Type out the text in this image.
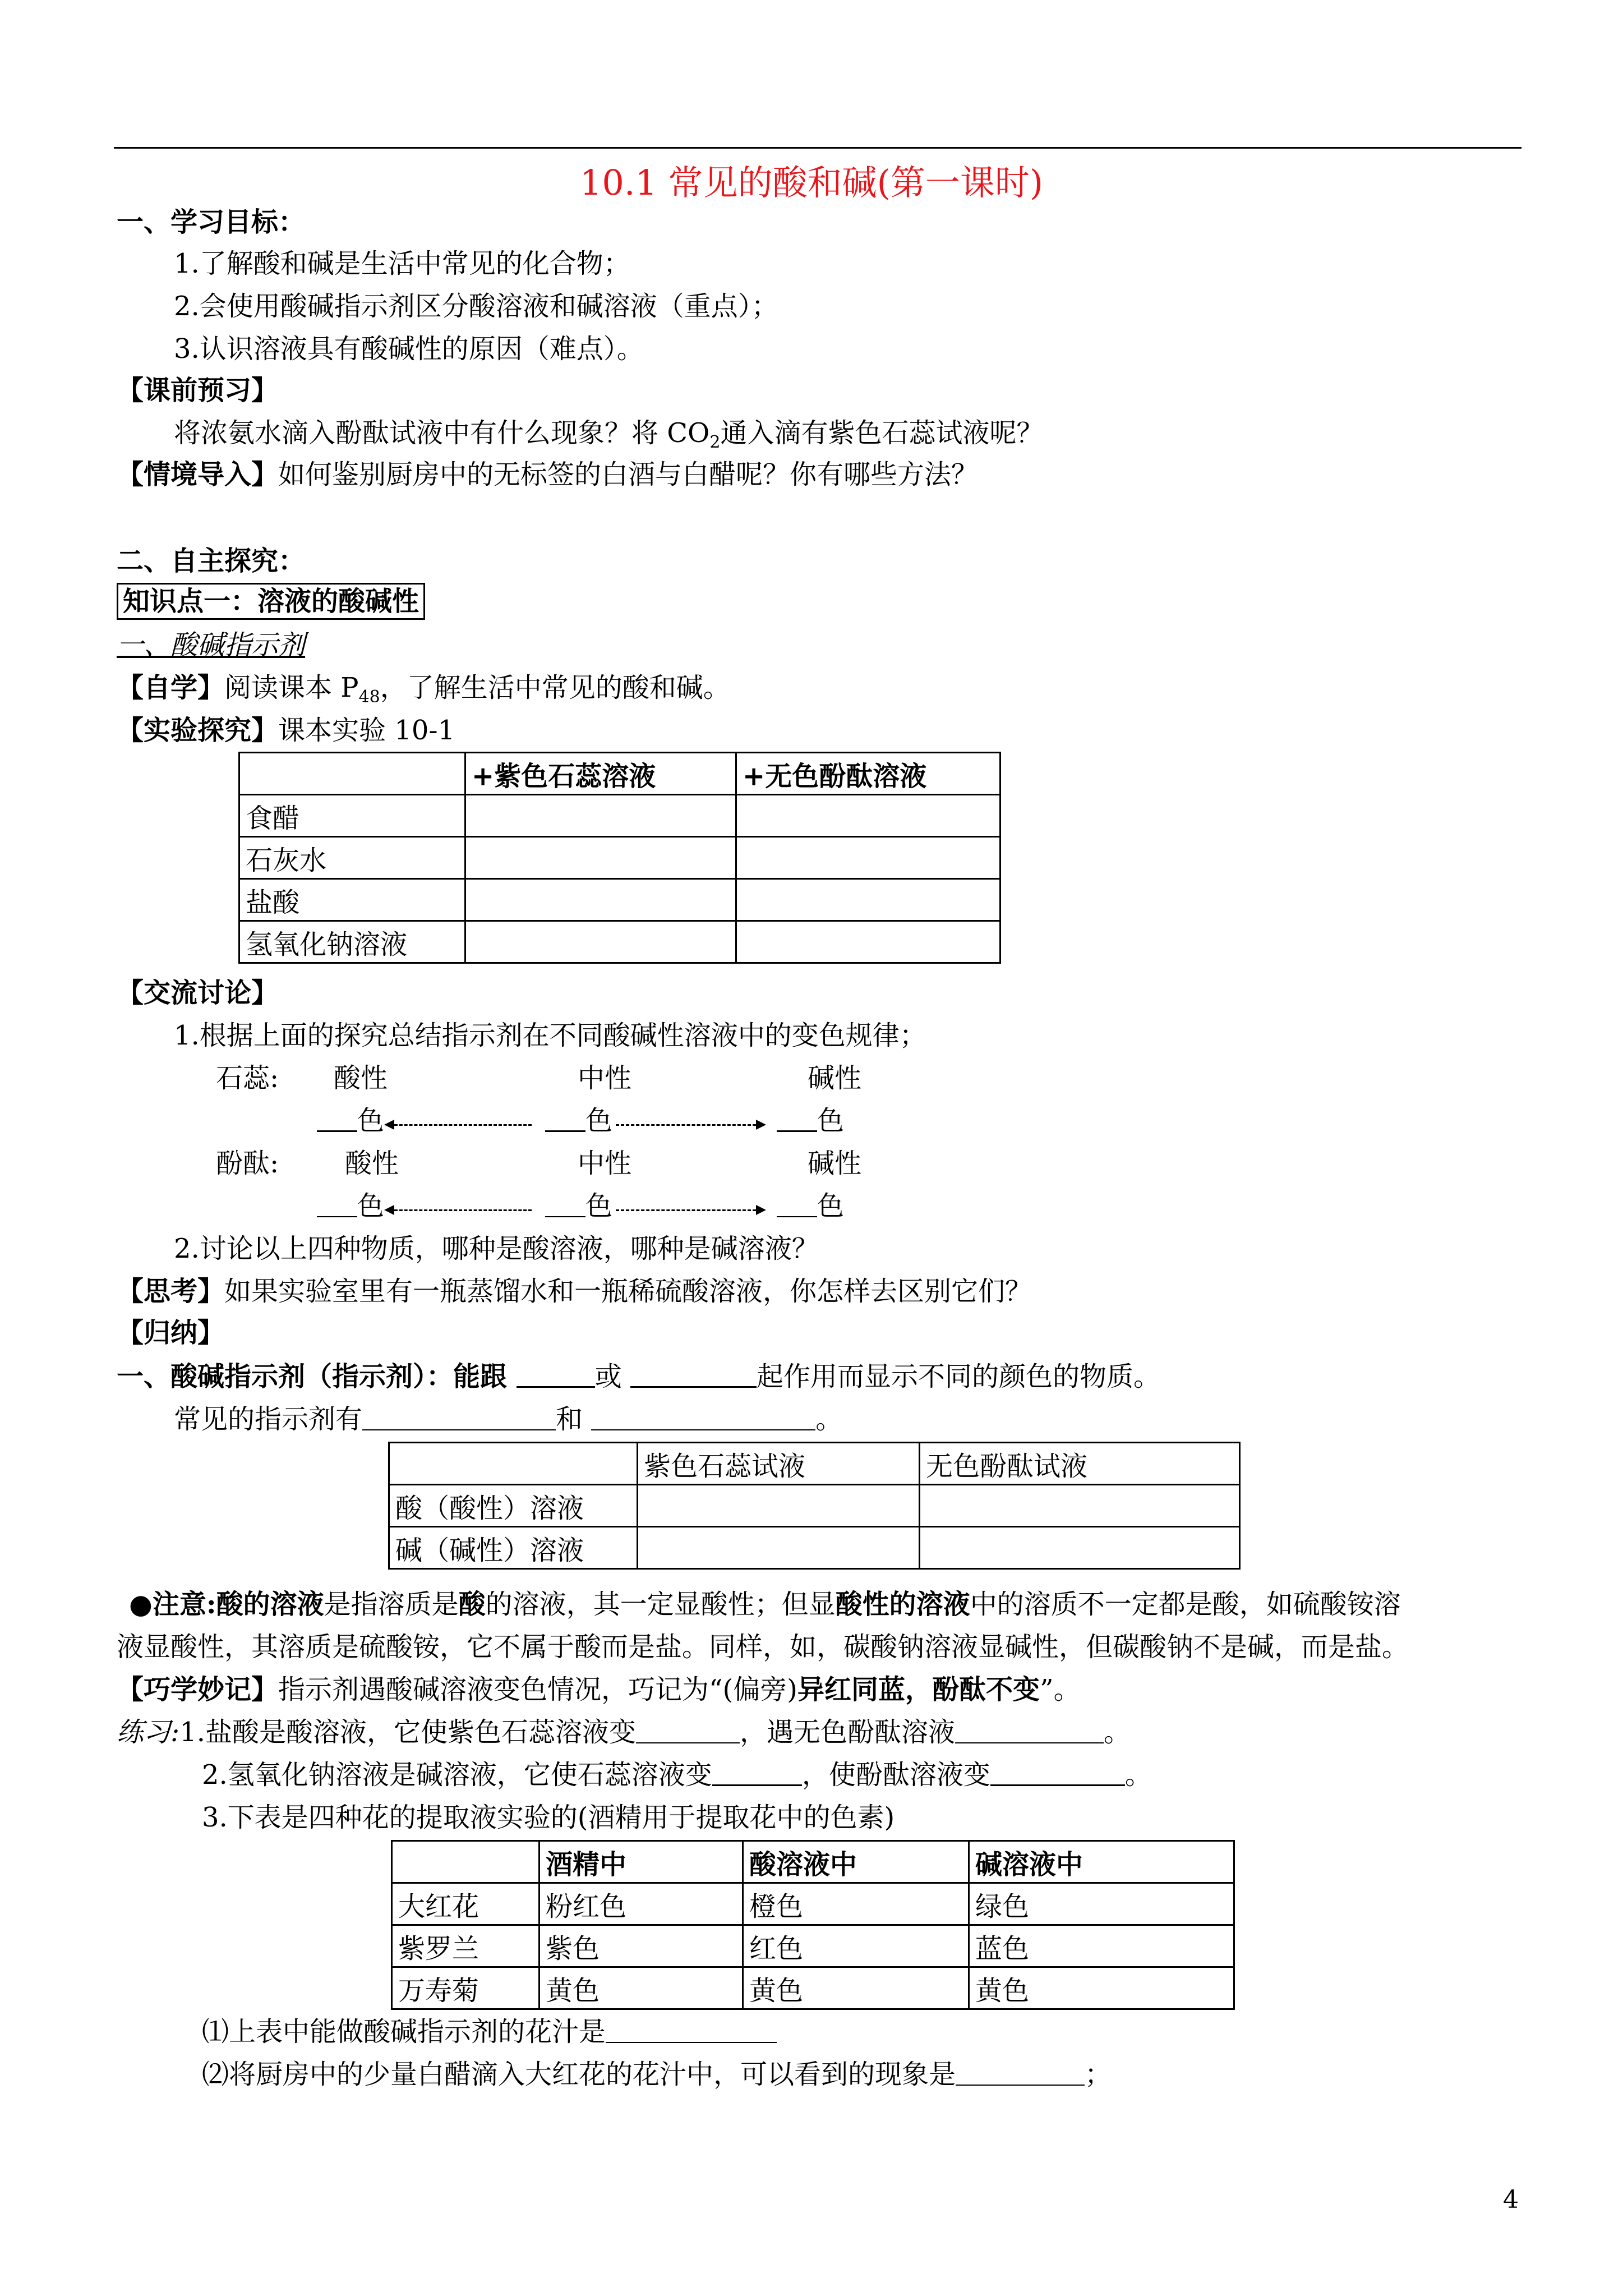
10.1 常见的酸和碱(第一课时)
一、学习目标：
1.了解酸和碱是生活中常见的化合物；
2.会使用酸碱指示剂区分酸溶液和碱溶液（重点）；
3.认识溶液具有酸碱性的原因（难点）。
【课前预习】
将浓氨水滴入酚酞试液中有什么现象？将 $CO_2$通入滴有紫色石蕊试液呢？
【情境导入】如何鉴别厨房中的无标签的白酒与白醋呢？你有哪些方法？
二、自主探究：
知识点一：溶液的酸碱性
一、酸碱指示剂
【自学】阅读课本 $P_{48}$，了解生活中常见的酸和碱。
【实验探究】课本实验 10-1
	+紫色石蕊溶液	+无色酚酞溶液
食醋		
石灰水		
盐酸		
氢氧化钠溶液		
【交流讨论】
1.根据上面的探究总结指示剂在不同酸碱性溶液中的变色规律；
石蕊: 酸性	中性	碱性
色	色	色
酚酞: 酸性	中性	碱性
色	色	色
2.讨论以上四种物质，哪种是酸溶液，哪种是碱溶液？
【思考】如果实验室里有一瓶蒸馏水和一瓶稀硫酸溶液，你怎样去区别它们？
【归纳】
一、酸碱指示剂（指示剂）：能跟	或	起作用而显示不同的颜色的物质。
常见的指示剂有	和	。
	紫色石蕊试液	无色酚酞试液
酸（酸性）溶液		
碱（碱性）溶液		
●注意:酸的溶液是指溶质是酸的溶液，其一定显酸性；但显酸性的溶液中的溶质不一定都是酸，如硫酸铵溶
液显酸性，其溶质是硫酸铵，它不属于酸而是盐。同样，如，碳酸钠溶液显碱性，但碳酸钠不是碱，而是盐。
【巧学妙记】指示剂遇酸碱溶液变色情况，巧记为“(偏旁)异红同蓝，酚酞不变”。
练习:1.盐酸是酸溶液，它使紫色石蕊溶液变	，遇无色酚酞溶液	。
2.氢氧化钠溶液是碱溶液，它使石蕊溶液变	，使酚酞溶液变	。
3.下表是四种花的提取液实验的(酒精用于提取花中的色素)
	酒精中	酸溶液中	碱溶液中
大红花	粉红色	橙色	绿色
紫罗兰	紫色	红色	蓝色
万寿菊	黄色	黄色	黄色
⑴上表中能做酸碱指示剂的花汁是
⑵将厨房中的少量白醋滴入大红花的花汁中，可以看到的现象是	；
4
